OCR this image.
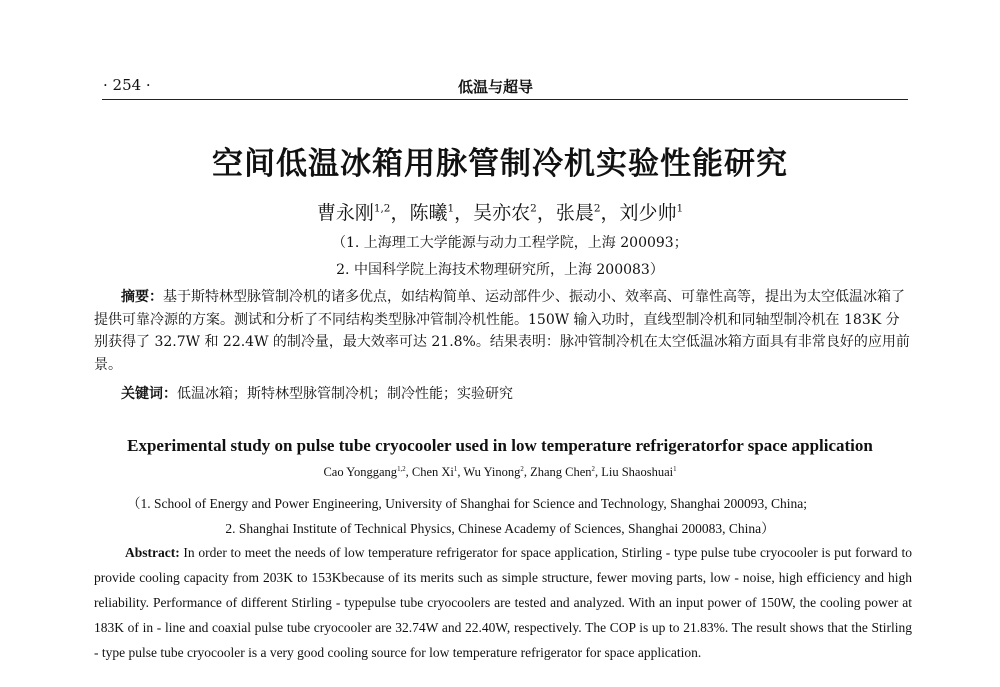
· 254 ·	低温与超导
空间低温冰箱用脉管制冷机实验性能研究
曹永刚$^{1,2}$，陈曦$^1$，吴亦农$^2$，张晨$^2$，刘少帅$^1$
（1. 上海理工大学能源与动力工程学院，上海 200093；
2. 中国科学院上海技术物理研究所，上海 200083）
摘要：基于斯特林型脉管制冷机的诸多优点，如结构简单、运动部件少、振动小、效率高、可靠性高等，提出为太空低温冰箱了提供可靠冷源的方案。测试和分析了不同结构类型脉冲管制冷机性能。150W 输入功时，直线型制冷机和同轴型制冷机在 183K 分别获得了 32.7W 和 22.4W 的制冷量，最大效率可达 21.8%。结果表明：脉冲管制冷机在太空低温冰箱方面具有非常良好的应用前景。
关键词：低温冰箱；斯特林型脉管制冷机；制冷性能；实验研究
Experimental study on pulse tube cryocooler used in low temperature refrigeratorfor space application
Cao Yonggang$^{1,2}$, Chen Xi$^1$, Wu Yinong$^2$, Zhang Chen$^2$, Liu Shaoshuai$^1$
（1. School of Energy and Power Engineering, University of Shanghai for Science and Technology, Shanghai 200093, China;
2. Shanghai Institute of Technical Physics, Chinese Academy of Sciences, Shanghai 200083, China）
Abstract: In order to meet the needs of low temperature refrigerator for space application, Stirling - type pulse tube cryocooler is put forward to provide cooling capacity from 203K to 153Kbecause of its merits such as simple structure, fewer moving parts, low - noise, high efficiency and high reliability. Performance of different Stirling - typepulse tube cryocoolers are tested and analyzed. With an input power of 150W, the cooling power at 183K of in - line and coaxial pulse tube cryocooler are 32.74W and 22.40W, respectively. The COP is up to 21.83%. The result shows that the Stirling - type pulse tube cryocooler is a very good cooling source for low temperature refrigerator for space application.
